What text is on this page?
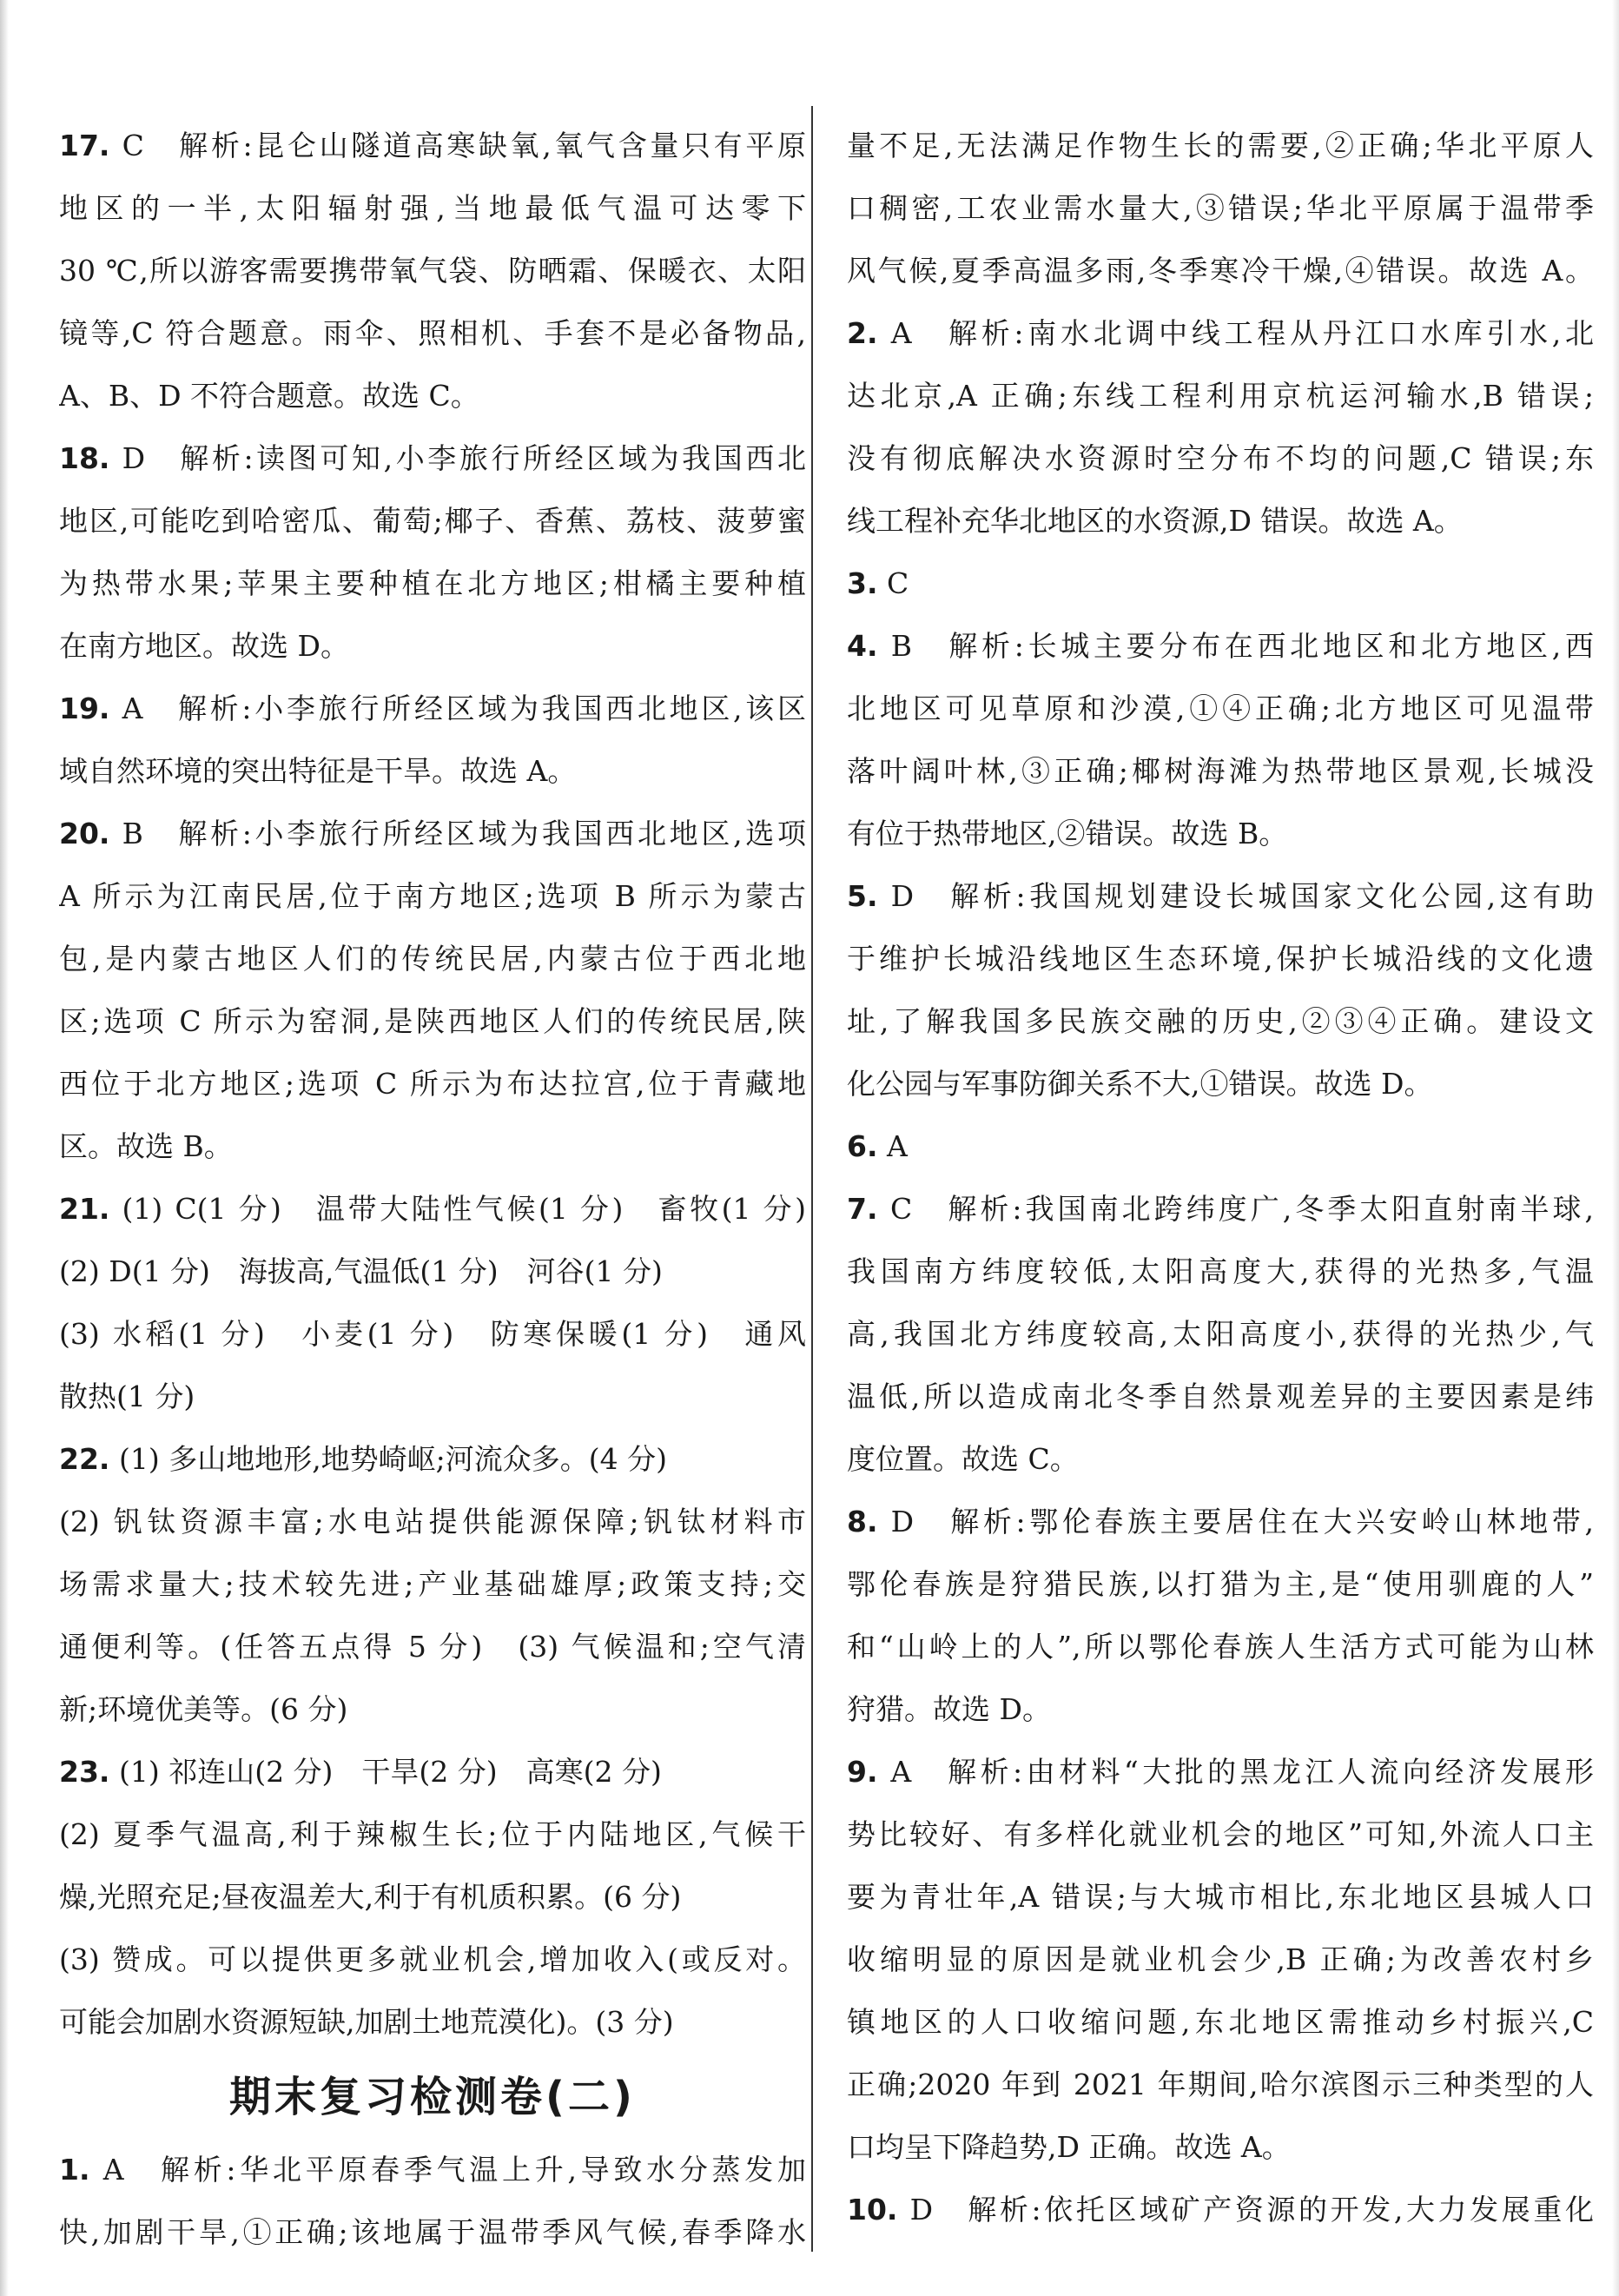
17. C　解析:昆仑山隧道高寒缺氧,氧气含量只有平原
地区的一半,太阳辐射强,当地最低气温可达零下
30 ℃,所以游客需要携带氧气袋、防晒霜、保暖衣、太阳
镜等,C 符合题意。雨伞、照相机、手套不是必备物品,
A、B、D 不符合题意。故选 C。
18. D　解析:读图可知,小李旅行所经区域为我国西北
地区,可能吃到哈密瓜、葡萄;椰子、香蕉、荔枝、菠萝蜜
为热带水果;苹果主要种植在北方地区;柑橘主要种植
在南方地区。故选 D。
19. A　解析:小李旅行所经区域为我国西北地区,该区
域自然环境的突出特征是干旱。故选 A。
20. B　解析:小李旅行所经区域为我国西北地区,选项
A 所示为江南民居,位于南方地区;选项 B 所示为蒙古
包,是内蒙古地区人们的传统民居,内蒙古位于西北地
区;选项 C 所示为窑洞,是陕西地区人们的传统民居,陕
西位于北方地区;选项 C 所示为布达拉宫,位于青藏地
区。故选 B。
21. (1) C(1 分)　温带大陆性气候(1 分)　畜牧(1 分)
(2) D(1 分)　海拔高,气温低(1 分)　河谷(1 分)
(3) 水稻(1 分)　小麦(1 分)　防寒保暖(1 分)　通风
散热(1 分)
22. (1) 多山地地形,地势崎岖;河流众多。(4 分)
(2) 钒钛资源丰富;水电站提供能源保障;钒钛材料市
场需求量大;技术较先进;产业基础雄厚;政策支持;交
通便利等。(任答五点得 5 分)　(3) 气候温和;空气清
新;环境优美等。(6 分)
23. (1) 祁连山(2 分)　干旱(2 分)　高寒(2 分)
(2) 夏季气温高,利于辣椒生长;位于内陆地区,气候干
燥,光照充足;昼夜温差大,利于有机质积累。(6 分)
(3) 赞成。可以提供更多就业机会,增加收入(或反对。
可能会加剧水资源短缺,加剧土地荒漠化)。(3 分)
期末复习检测卷(二)
1. A　解析:华北平原春季气温上升,导致水分蒸发加
快,加剧干旱,①正确;该地属于温带季风气候,春季降水
量不足,无法满足作物生长的需要,②正确;华北平原人
口稠密,工农业需水量大,③错误;华北平原属于温带季
风气候,夏季高温多雨,冬季寒冷干燥,④错误。故选 A。
2. A　解析:南水北调中线工程从丹江口水库引水,北
达北京,A 正确;东线工程利用京杭运河输水,B 错误;
没有彻底解决水资源时空分布不均的问题,C 错误;东
线工程补充华北地区的水资源,D 错误。故选 A。
3. C
4. B　解析:长城主要分布在西北地区和北方地区,西
北地区可见草原和沙漠,①④正确;北方地区可见温带
落叶阔叶林,③正确;椰树海滩为热带地区景观,长城没
有位于热带地区,②错误。故选 B。
5. D　解析:我国规划建设长城国家文化公园,这有助
于维护长城沿线地区生态环境,保护长城沿线的文化遗
址,了解我国多民族交融的历史,②③④正确。建设文
化公园与军事防御关系不大,①错误。故选 D。
6. A
7. C　解析:我国南北跨纬度广,冬季太阳直射南半球,
我国南方纬度较低,太阳高度大,获得的光热多,气温
高,我国北方纬度较高,太阳高度小,获得的光热少,气
温低,所以造成南北冬季自然景观差异的主要因素是纬
度位置。故选 C。
8. D　解析:鄂伦春族主要居住在大兴安岭山林地带,
鄂伦春族是狩猎民族,以打猎为主,是“使用驯鹿的人”
和“山岭上的人”,所以鄂伦春族人生活方式可能为山林
狩猎。故选 D。
9. A　解析:由材料“大批的黑龙江人流向经济发展形
势比较好、有多样化就业机会的地区”可知,外流人口主
要为青壮年,A 错误;与大城市相比,东北地区县城人口
收缩明显的原因是就业机会少,B 正确;为改善农村乡
镇地区的人口收缩问题,东北地区需推动乡村振兴,C
正确;2020 年到 2021 年期间,哈尔滨图示三种类型的人
口均呈下降趋势,D 正确。故选 A。
10. D　解析:依托区域矿产资源的开发,大力发展重化
